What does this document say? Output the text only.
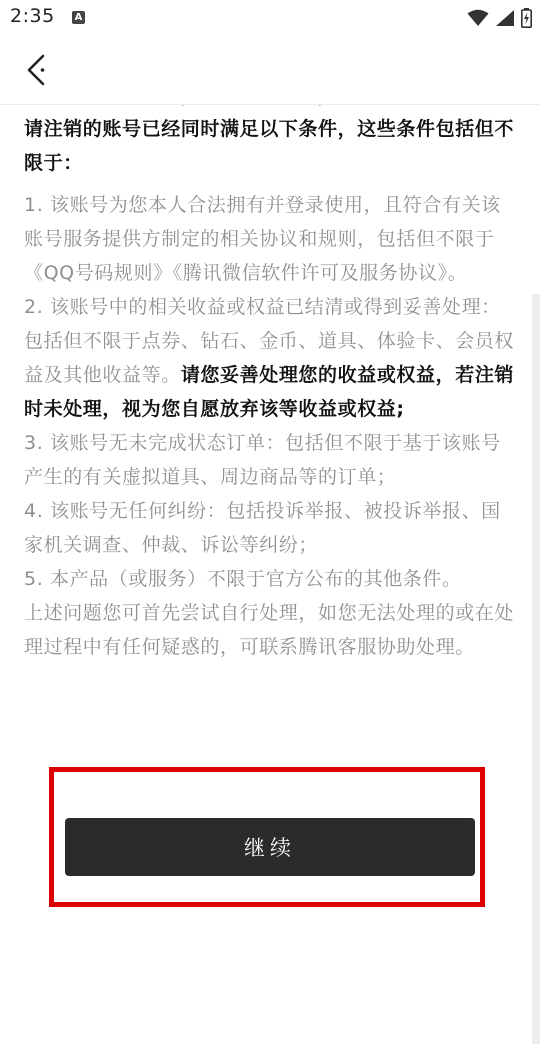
2:35 A

请注销的账号已经同时满足以下条件，这些条件包括但不限于：

1. 该账号为您本人合法拥有并登录使用，且符合有关该账号服务提供方制定的相关协议和规则，包括但不限于《QQ号码规则》《腾讯微信软件许可及服务协议》。

2. 该账号中的相关收益或权益已结清或得到妥善处理：包括但不限于点券、钻石、金币、道具、体验卡、会员权益及其他收益等。请您妥善处理您的收益或权益，若注销时未处理，视为您自愿放弃该等收益或权益;

3. 该账号无未完成状态订单：包括但不限于基于该账号产生的有关虚拟道具、周边商品等的订单；

4. 该账号无任何纠纷：包括投诉举报、被投诉举报、国家机关调查、仲裁、诉讼等纠纷；

5. 本产品（或服务）不限于官方公布的其他条件。

上述问题您可首先尝试自行处理，如您无法处理的或在处理过程中有任何疑惑的，可联系腾讯客服协助处理。

继续
